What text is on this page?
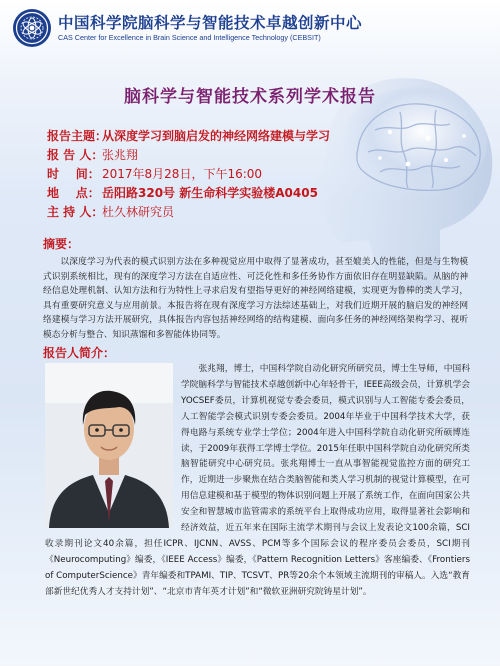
中国科学院脑科学与智能技术卓越创新中心
CAS Center for Excellence in Brain Science and Intelligence Technology (CEBSIT)
脑科学与智能技术系列学术报告
报告主题：从深度学习到脑启发的神经网络建模与学习
报 告 人：张兆翔
时    间： 2017年8月28日，下午16:00
地    点： 岳阳路320号 新生命科学实验楼A0405
主 持 人：杜久林研究员
摘要：
以深度学习为代表的模式识别方法在多种视觉应用中取得了显著成功，甚至媲美人的性能，但是与生物模式识别系统相比，现有的深度学习方法在自适应性、可泛化性和多任务协作方面依旧存在明显缺陷。从脑的神经信息处理机制、认知方法和行为特性上寻求启发有望指导更好的神经网络建模，实现更为鲁棒的类人学习，具有重要研究意义与应用前景。本报告将在现有深度学习方法综述基础上，对我们近期开展的脑启发的神经网络建模与学习方法开展研究，具体报告内容包括神经网络的结构建模、面向多任务的神经网络架构学习、视听模态分析与整合、知识蒸馏和多智能体协同等。
报告人简介：
张兆翔，博士，中国科学院自动化研究所研究员，博士生导师，中国科学院脑科学与智能技术卓越创新中心年轻骨干，IEEE高级会员，计算机学会YOCSEF委员，计算机视觉专委会委员，模式识别与人工智能专委会委员，人工智能学会模式识别专委会委员。2004年毕业于中国科学技术大学，获得电路与系统专业学士学位；2004年进入中国科学院自动化研究所硕博连读，于2009年获得工学博士学位。2015年任职中国科学院自动化研究所类脑智能研究中心研究员。张兆翔博士一直从事智能视觉监控方面的研究工作，近期进一步聚焦在结合类脑智能和类人学习机制的视觉计算模型，在可用信息建模和基于模型的物体识别问题上开展了系统工作，在面向国家公共安全和智慧城市监管需求的系统平台上取得成功应用，取得显著社会影响和经济效益，近五年来在国际主流学术期刊与会议上发表论文100余篇，SCI收录期刊论文40余篇，担任ICPR、IJCNN、AVSS、PCM等多个国际会议的程序委员会委员，SCI期刊《Neurocomputing》编委，《IEEE Access》编委，《Pattern Recognition Letters》客座编委、《Frontiers of ComputerScience》青年编委和TPAMI、TIP、TCSVT、PR等20余个本领域主流期刊的审稿人。入选“教育部新世纪优秀人才支持计划”、“北京市青年英才计划”和“微软亚洲研究院铸星计划”。
